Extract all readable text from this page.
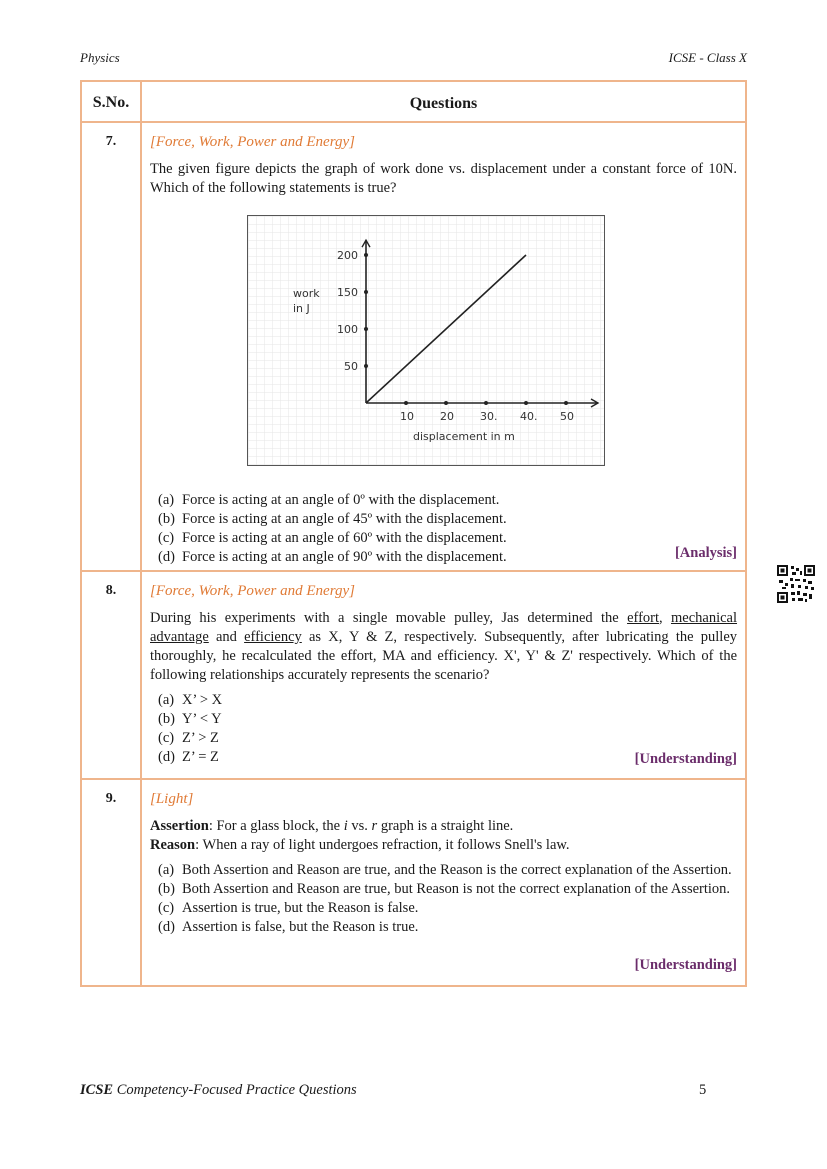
Physics	ICSE - Class X
S.No.	Questions
7.	[Force, Work, Power and Energy]
The given figure depicts the graph of work done vs. displacement under a constant force of 10N. Which of the following statements is true?
10 20 30. 40. 50
50
100
150
200
work
in J
displacement in m
(a) Force is acting at an angle of 0º with the displacement.
(b) Force is acting at an angle of 45º with the displacement.
(c) Force is acting at an angle of 60º with the displacement.
(d) Force is acting at an angle of 90º with the displacement.	[Analysis]
8.	[Force, Work, Power and Energy]
During his experiments with a single movable pulley, Jas determined the effort, mechanical advantage and efficiency as X, Y & Z, respectively. Subsequently, after lubricating the pulley thoroughly, he recalculated the effort, MA and efficiency. X', Y' & Z' respectively. Which of the following relationships accurately represents the scenario?
(a) X’ > X
(b) Y’ < Y
(c) Z’ > Z
(d) Z’ = Z	[Understanding]
9.	[Light]
Assertion: For a glass block, the i vs. r graph is a straight line.
Reason: When a ray of light undergoes refraction, it follows Snell's law.
(a) Both Assertion and Reason are true, and the Reason is the correct explanation of the Assertion.
(b) Both Assertion and Reason are true, but Reason is not the correct explanation of the Assertion.
(c) Assertion is true, but the Reason is false.
(d) Assertion is false, but the Reason is true.
[Understanding]
ICSE Competency-Focused Practice Questions	5
